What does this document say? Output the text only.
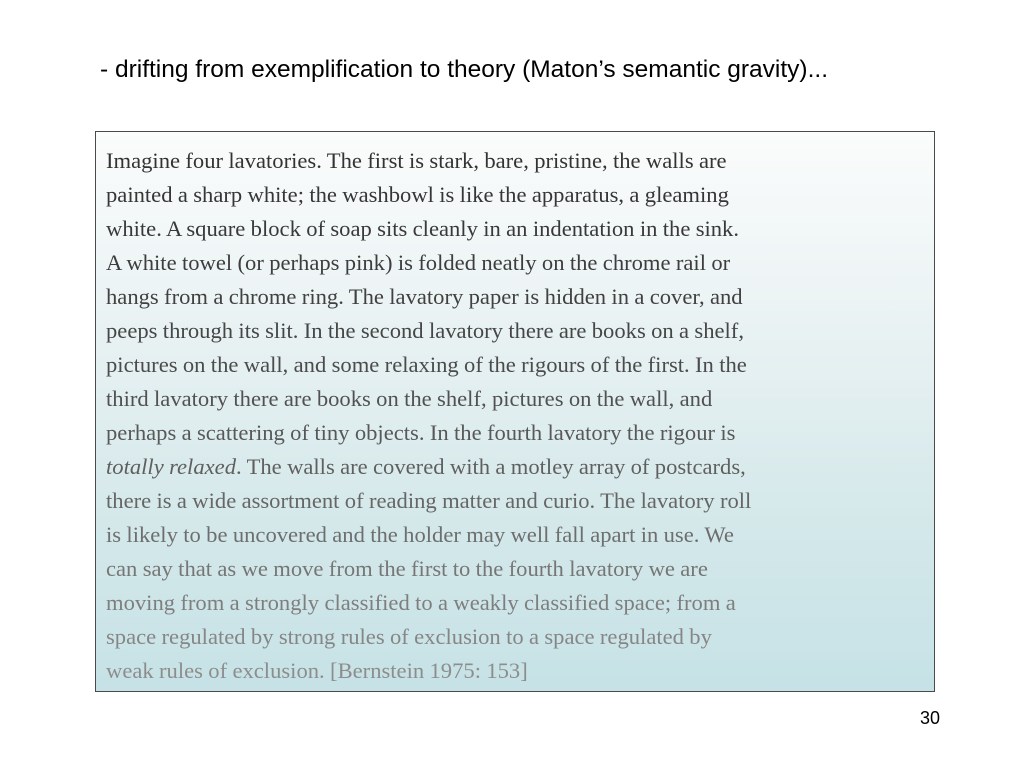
- drifting from exemplification to theory (Maton’s semantic gravity)...

Imagine four lavatories. The first is stark, bare, pristine, the walls are
painted a sharp white; the washbowl is like the apparatus, a gleaming
white. A square block of soap sits cleanly in an indentation in the sink.
A white towel (or perhaps pink) is folded neatly on the chrome rail or
hangs from a chrome ring. The lavatory paper is hidden in a cover, and
peeps through its slit. In the second lavatory there are books on a shelf,
pictures on the wall, and some relaxing of the rigours of the first. In the
third lavatory there are books on the shelf, pictures on the wall, and
perhaps a scattering of tiny objects. In the fourth lavatory the rigour is
totally relaxed. The walls are covered with a motley array of postcards,
there is a wide assortment of reading matter and curio. The lavatory roll
is likely to be uncovered and the holder may well fall apart in use. We
can say that as we move from the first to the fourth lavatory we are
moving from a strongly classified to a weakly classified space; from a
space regulated by strong rules of exclusion to a space regulated by
weak rules of exclusion. [Bernstein 1975: 153]

30
